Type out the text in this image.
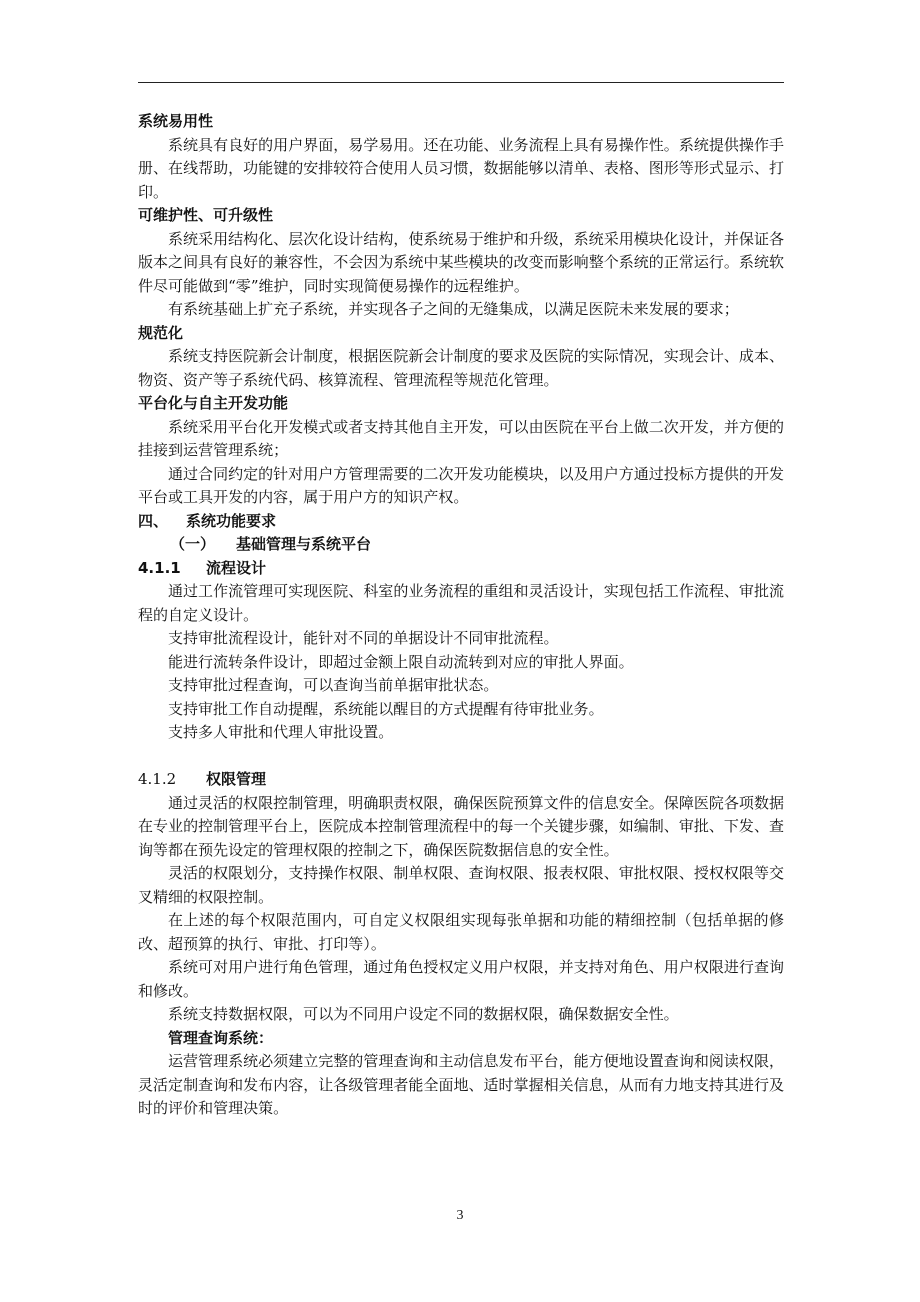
系统易用性

系统具有良好的用户界面，易学易用。还在功能、业务流程上具有易操作性。系统提供操作手册、在线帮助，功能键的安排较符合使用人员习惯，数据能够以清单、表格、图形等形式显示、打印。

可维护性、可升级性

系统采用结构化、层次化设计结构，使系统易于维护和升级，系统采用模块化设计，并保证各版本之间具有良好的兼容性，不会因为系统中某些模块的改变而影响整个系统的正常运行。系统软件尽可能做到“零”维护，同时实现简便易操作的远程维护。

有系统基础上扩充子系统，并实现各子之间的无缝集成，以满足医院未来发展的要求；

规范化

系统支持医院新会计制度，根据医院新会计制度的要求及医院的实际情况，实现会计、成本、物资、资产等子系统代码、核算流程、管理流程等规范化管理。

平台化与自主开发功能

系统采用平台化开发模式或者支持其他自主开发，可以由医院在平台上做二次开发，并方便的挂接到运营管理系统；

通过合同约定的针对用户方管理需要的二次开发功能模块，以及用户方通过投标方提供的开发平台或工具开发的内容，属于用户方的知识产权。

四、 系统功能要求

（一） 基础管理与系统平台

4.1.1 流程设计

通过工作流管理可实现医院、科室的业务流程的重组和灵活设计，实现包括工作流程、审批流程的自定义设计。

支持审批流程设计，能针对不同的单据设计不同审批流程。

能进行流转条件设计，即超过金额上限自动流转到对应的审批人界面。

支持审批过程查询，可以查询当前单据审批状态。

支持审批工作自动提醒，系统能以醒目的方式提醒有待审批业务。

支持多人审批和代理人审批设置。

4.1.2 权限管理

通过灵活的权限控制管理，明确职责权限，确保医院预算文件的信息安全。保障医院各项数据在专业的控制管理平台上，医院成本控制管理流程中的每一个关键步骤，如编制、审批、下发、查询等都在预先设定的管理权限的控制之下，确保医院数据信息的安全性。

灵活的权限划分，支持操作权限、制单权限、查询权限、报表权限、审批权限、授权权限等交叉精细的权限控制。

在上述的每个权限范围内，可自定义权限组实现每张单据和功能的精细控制（包括单据的修改、超预算的执行、审批、打印等）。

系统可对用户进行角色管理，通过角色授权定义用户权限，并支持对角色、用户权限进行查询和修改。

系统支持数据权限，可以为不同用户设定不同的数据权限，确保数据安全性。

管理查询系统：

运营管理系统必须建立完整的管理查询和主动信息发布平台，能方便地设置查询和阅读权限，灵活定制查询和发布内容，让各级管理者能全面地、适时掌握相关信息，从而有力地支持其进行及时的评价和管理决策。

3
